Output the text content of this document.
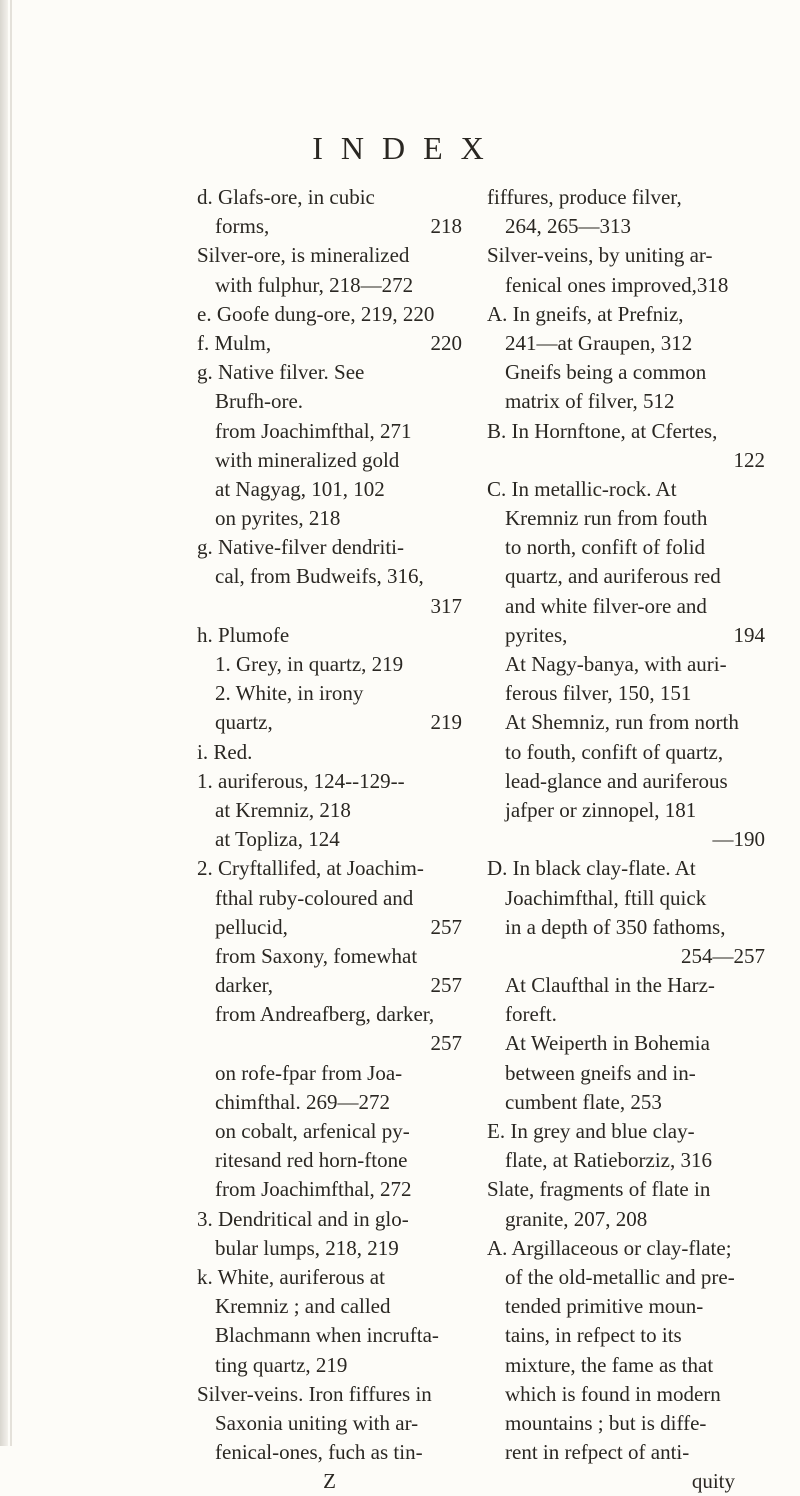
INDEX
d. Glafs-ore, in cubic
forms,	218
Silver-ore, is mineralized
with fulphur, 218—272
e. Goofe dung-ore, 219, 220
f. Mulm,	220
g. Native filver. See
Brufh-ore.
from Joachimfthal, 271
with mineralized gold
at Nagyag, 101, 102
on pyrites, 218
g. Native-filver dendriti-
cal, from Budweifs, 316,
317
h. Plumofe
1. Grey, in quartz, 219
2. White, in irony
quartz,	219
i. Red.
1. auriferous, 124--129--
at Kremniz, 218
at Topliza, 124
2. Cryftallifed, at Joachim-
fthal ruby-coloured and
pellucid,	257
from Saxony, fomewhat
darker,	257
from Andreafberg, darker,
257
on rofe-fpar from Joa-
chimfthal. 269—272
on cobalt, arfenical py-
ritesand red horn-ftone
from Joachimfthal, 272
3. Dendritical and in glo-
bular lumps, 218, 219
k. White, auriferous at
Kremniz ; and called
Blachmann when incrufta-
ting quartz, 219
Silver-veins. Iron fiffures in
Saxonia uniting with ar-
fenical-ones, fuch as tin-
Z
fiffures, produce filver,
264, 265—313
Silver-veins, by uniting ar-
fenical ones improved,318
A. In gneifs, at Prefniz,
241—at Graupen, 312
Gneifs being a common
matrix of filver, 512
B. In Hornftone, at Cfertes,
122
C. In metallic-rock. At
Kremniz run from fouth
to north, confift of folid
quartz, and auriferous red
and white filver-ore and
pyrites,	194
At Nagy-banya, with auri-
ferous filver, 150, 151
At Shemniz, run from north
to fouth, confift of quartz,
lead-glance and auriferous
jafper or zinnopel, 181
—190
D. In black clay-flate. At
Joachimfthal, ftill quick
in a depth of 350 fathoms,
254—257
At Claufthal in the Harz-
foreft.
At Weiperth in Bohemia
between gneifs and in-
cumbent flate, 253
E. In grey and blue clay-
flate, at Ratieborziz, 316
Slate, fragments of flate in
granite, 207, 208
A. Argillaceous or clay-flate;
of the old-metallic and pre-
tended primitive moun-
tains, in refpect to its
mixture, the fame as that
which is found in modern
mountains ; but is diffe-
rent in refpect of anti-
quity
